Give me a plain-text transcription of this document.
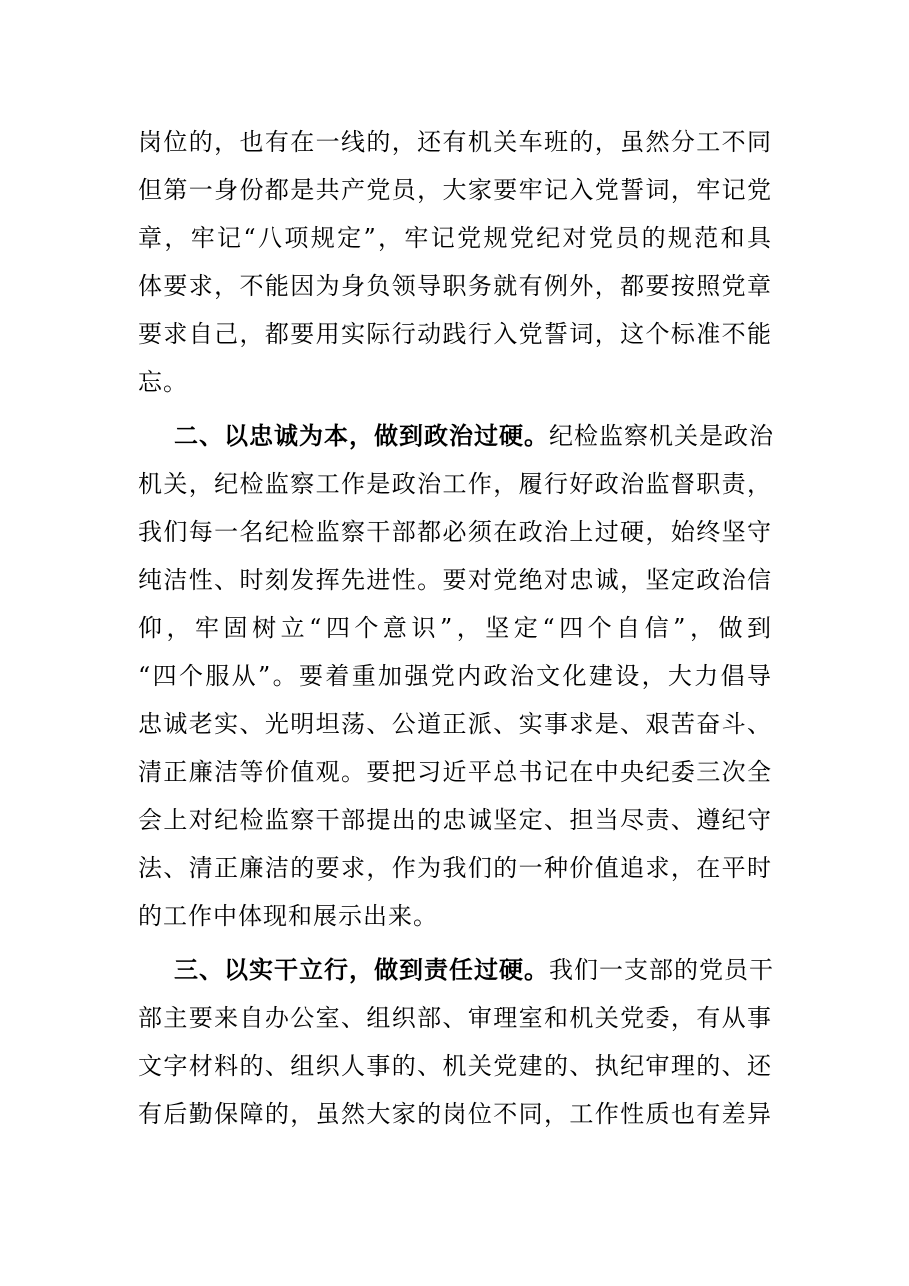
岗位的，也有在一线的，还有机关车班的，虽然分工不同
但第一身份都是共产党员，大家要牢记入党誓词，牢记党
章，牢记“八项规定”，牢记党规党纪对党员的规范和具
体要求，不能因为身负领导职务就有例外，都要按照党章
要求自己，都要用实际行动践行入党誓词，这个标准不能
忘。
二、以忠诚为本，做到政治过硬。纪检监察机关是政治
机关，纪检监察工作是政治工作，履行好政治监督职责，
我们每一名纪检监察干部都必须在政治上过硬，始终坚守
纯洁性、时刻发挥先进性。要对党绝对忠诚，坚定政治信
仰，牢固树立“四个意识”，坚定“四个自信”，做到
“四个服从”。要着重加强党内政治文化建设，大力倡导
忠诚老实、光明坦荡、公道正派、实事求是、艰苦奋斗、
清正廉洁等价值观。要把习近平总书记在中央纪委三次全
会上对纪检监察干部提出的忠诚坚定、担当尽责、遵纪守
法、清正廉洁的要求，作为我们的一种价值追求，在平时
的工作中体现和展示出来。
三、以实干立行，做到责任过硬。我们一支部的党员干
部主要来自办公室、组织部、审理室和机关党委，有从事
文字材料的、组织人事的、机关党建的、执纪审理的、还
有后勤保障的，虽然大家的岗位不同，工作性质也有差异
